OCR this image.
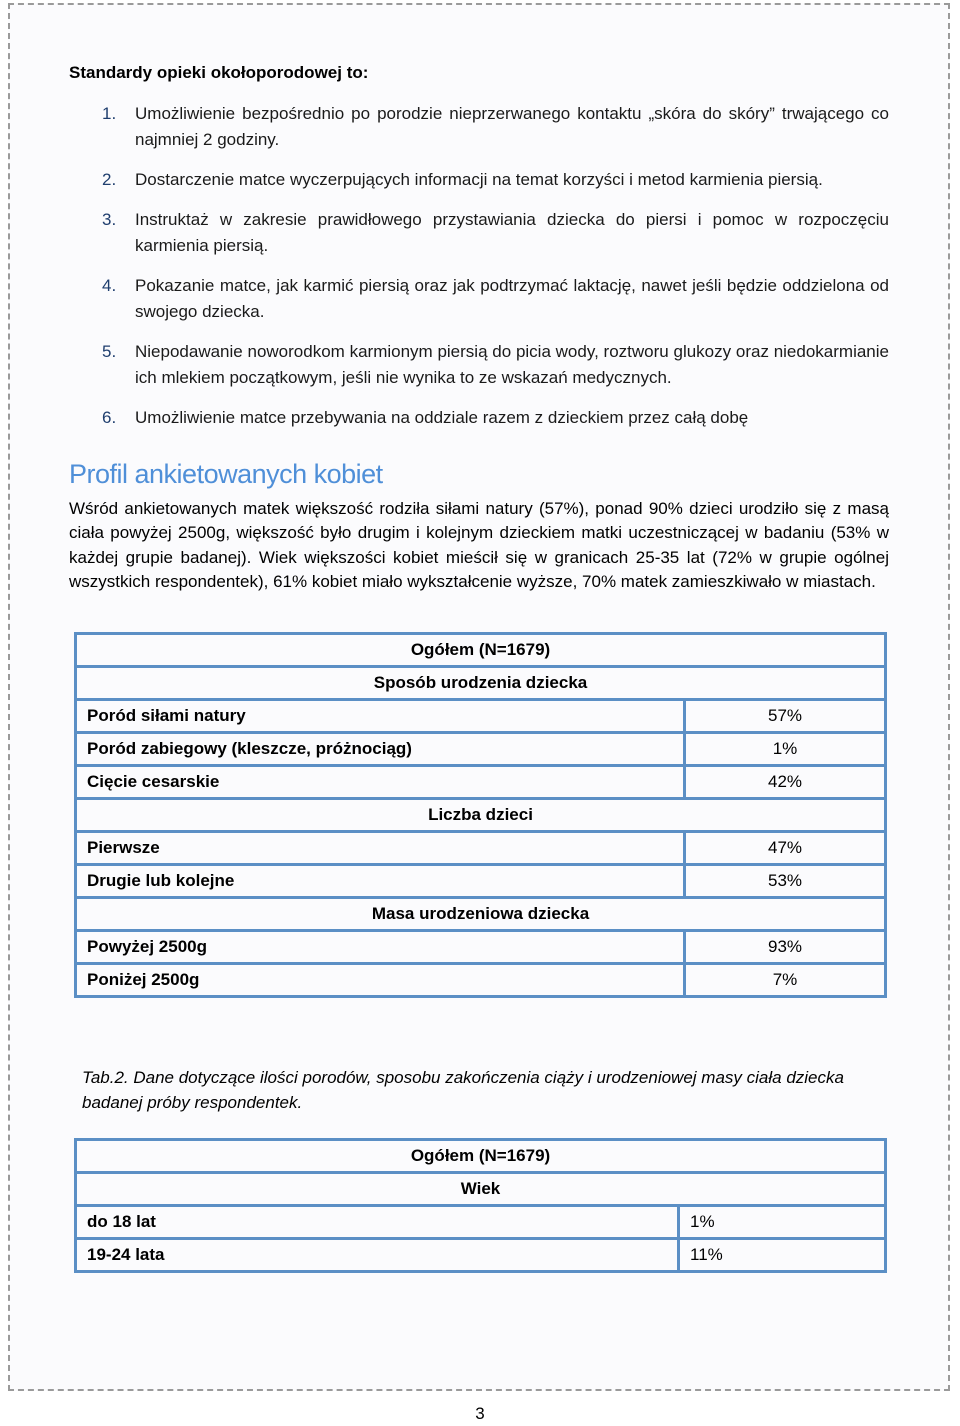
Standardy opieki okołoporodowej to:
1. Umożliwienie bezpośrednio po porodzie nieprzerwanego kontaktu „skóra do skóry” trwającego co najmniej 2 godziny.
2. Dostarczenie matce wyczerpujących informacji na temat korzyści i metod karmienia piersią.
3. Instruktaż w zakresie prawidłowego przystawiania dziecka do piersi i pomoc w rozpoczęciu karmienia piersią.
4. Pokazanie matce, jak karmić piersią oraz jak podtrzymać laktację, nawet jeśli będzie oddzielona od swojego dziecka.
5. Niepodawanie noworodkom karmionym piersią do picia wody, roztworu glukozy oraz niedokarmianie ich mlekiem początkowym, jeśli nie wynika to ze wskazań medycznych.
6. Umożliwienie matce przebywania na oddziale razem z dzieckiem przez całą dobę
Profil ankietowanych kobiet
Wśród ankietowanych matek większość rodziła siłami natury (57%), ponad 90% dzieci urodziło się z masą ciała powyżej 2500g, większość było drugim i kolejnym dzieckiem matki uczestniczącej w badaniu (53% w każdej grupie badanej). Wiek większości kobiet mieścił się w granicach 25-35 lat (72% w grupie ogólnej wszystkich respondentek), 61% kobiet miało wykształcenie wyższe, 70% matek zamieszkiwało w miastach.
Ogółem (N=1679)	
Sposób urodzenia dziecka	
Poród siłami natury	57%
Poród zabiegowy (kleszcze, próżnociąg)	1%
Cięcie cesarskie	42%
Liczba dzieci	
Pierwsze	47%
Drugie lub kolejne	53%
Masa urodzeniowa dziecka	
Powyżej 2500g	93%
Poniżej 2500g	7%
Tab.2. Dane dotyczące ilości porodów, sposobu zakończenia ciąży i urodzeniowej masy ciała dziecka badanej próby respondentek.
Ogółem (N=1679)	
Wiek	
do 18 lat	1%
19-24 lata	11%
3
